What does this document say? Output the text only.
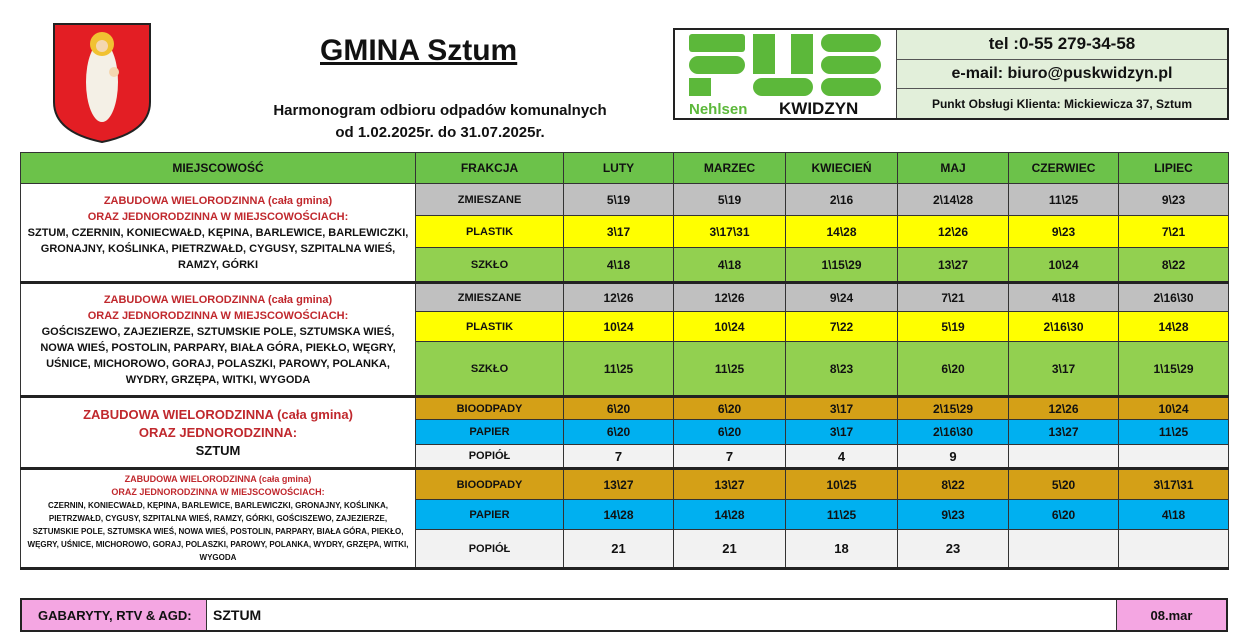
GMINA Sztum
Harmonogram odbioru odpadów komunalnych
od 1.02.2025r. do 31.07.2025r.
Nehlsen KWIDZYN
tel :0-55 279-34-58
e-mail: biuro@puskwidzyn.pl
Punkt Obsługi Klienta: Mickiewicza 37, Sztum
MIEJSCOWOŚĆ	FRAKCJA	LUTY	MARZEC	KWIECIEŃ	MAJ	CZERWIEC	LIPIEC

ZABUDOWA WIELORODZINNA (cała gmina)
ORAZ JEDNORODZINNA W MIEJSCOWOŚCIACH:
SZTUM, CZERNIN, KONIECWAŁD, KĘPINA, BARLEWICE, BARLEWICZKI, GRONAJNY, KOŚLINKA, PIETRZWAŁD, CYGUSY, SZPITALNA WIEŚ, RAMZY, GÓRKI	ZMIESZANE	5\19	5\19	2\16	2\14\28	11\25	9\23
	PLASTIK	3\17	3\17\31	14\28	12\26	9\23	7\21
	SZKŁO	4\18	4\18	1\15\29	13\27	10\24	8\22

ZABUDOWA WIELORODZINNA (cała gmina)
ORAZ JEDNORODZINNA W MIEJSCOWOŚCIACH:
GOŚCISZEWO, ZAJEZIERZE, SZTUMSKIE POLE, SZTUMSKA WIEŚ, NOWA WIEŚ, POSTOLIN, PARPARY, BIAŁA GÓRA, PIEKŁO, WĘGRY, UŚNICE, MICHOROWO, GORAJ, POLASZKI, PAROWY, POLANKA, WYDRY, GRZĘPA, WITKI, WYGODA	ZMIESZANE	12\26	12\26	9\24	7\21	4\18	2\16\30
	PLASTIK	10\24	10\24	7\22	5\19	2\16\30	14\28
	SZKŁO	11\25	11\25	8\23	6\20	3\17	1\15\29

ZABUDOWA WIELORODZINNA (cała gmina)
ORAZ JEDNORODZINNA:
SZTUM	BIOODPADY	6\20	6\20	3\17	2\15\29	12\26	10\24
	PAPIER	6\20	6\20	3\17	2\16\30	13\27	11\25
	POPIÓŁ	7	7	4	9		

ZABUDOWA WIELORODZINNA (cała gmina)
ORAZ JEDNORODZINNA W MIEJSCOWOŚCIACH:
CZERNIN, KONIECWAŁD, KĘPINA, BARLEWICE, BARLEWICZKI, GRONAJNY, KOŚLINKA, PIETRZWAŁD, CYGUSY, SZPITALNA WIEŚ, RAMZY, GÓRKI, GOŚCISZEWO, ZAJEZIERZE, SZTUMSKIE POLE, SZTUMSKA WIEŚ, NOWA WIEŚ, POSTOLIN, PARPARY, BIAŁA GÓRA, PIEKŁO, WĘGRY, UŚNICE, MICHOROWO, GORAJ, POLASZKI, PAROWY, POLANKA, WYDRY, GRZĘPA, WITKI, WYGODA	BIOODPADY	13\27	13\27	10\25	8\22	5\20	3\17\31
	PAPIER	14\28	14\28	11\25	9\23	6\20	4\18
	POPIÓŁ	21	21	18	23		
GABARYTY, RTV & AGD:	SZTUM	08.mar
